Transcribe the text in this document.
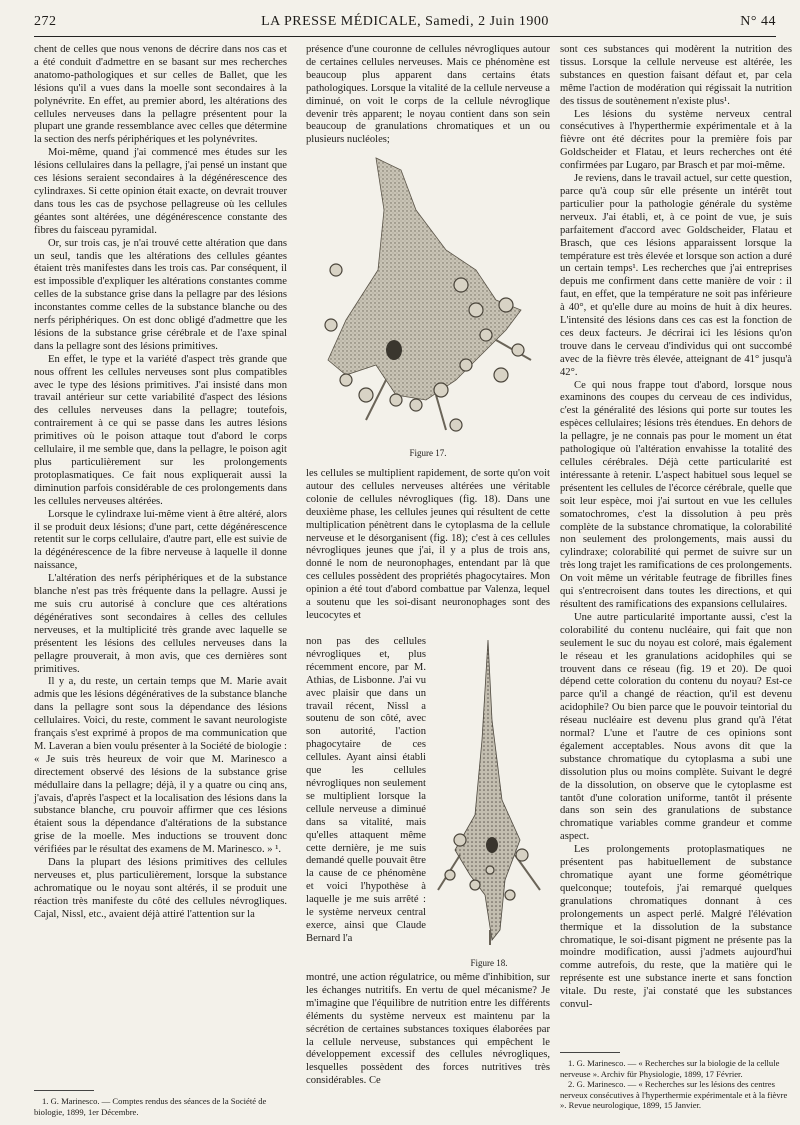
272	LA PRESSE MÉDICALE, Samedi, 2 Juin 1900	N° 44

chent de celles que nous venons de décrire dans nos cas et a été conduit d'admettre en se basant sur mes recherches anatomo-pathologiques et sur celles de Ballet, que les lésions qu'il a vues dans la moelle sont secondaires à la polynévrite. En effet, au premier abord, les altérations des cellules nerveuses dans la pellagre présentent pour la plupart une grande ressemblance avec celles que détermine la section des nerfs périphériques et les polynévrites.

Moi-même, quand j'ai commencé mes études sur les lésions cellulaires dans la pellagre, j'ai pensé un instant que ces lésions seraient secondaires à la dégénérescence des cylindraxes. Si cette opinion était exacte, on devrait trouver dans tous les cas de psychose pellagreuse où les cellules géantes sont altérées, une dégénérescence constante des fibres du faisceau pyramidal.

Or, sur trois cas, je n'ai trouvé cette altération que dans un seul, tandis que les altérations des cellules géantes étaient très manifestes dans les trois cas. Par conséquent, il est impossible d'expliquer les altérations constantes comme celles de la substance grise dans la pellagre par des lésions inconstantes comme celles de la substance blanche ou des nerfs périphériques. On est donc obligé d'admettre que les lésions de la substance grise cérébrale et de l'axe spinal dans la pellagre sont des lésions primitives.

En effet, le type et la variété d'aspect très grande que nous offrent les cellules nerveuses sont plus compatibles avec le type des lésions primitives. J'ai insisté dans mon travail antérieur sur cette variabilité d'aspect des lésions des cellules nerveuses dans la pellagre; toutefois, contrairement à ce qui se passe dans les autres lésions primitives où le poison attaque tout d'abord le corps cellulaire, il me semble que, dans la pellagre, le poison agit plus particulièrement sur les prolongements protoplasmatiques. Ce fait nous expliquerait aussi la diminution parfois considérable de ces prolongements dans les cellules nerveuses altérées.

Lorsque le cylindraxe lui-même vient à être altéré, alors il se produit deux lésions; d'une part, cette dégénérescence retentit sur le corps cellulaire, d'autre part, elle est suivie de la dégénérescence de la fibre nerveuse à laquelle il donne naissance,

L'altération des nerfs périphériques et de la substance blanche n'est pas très fréquente dans la pellagre. Aussi je me suis cru autorisé à conclure que ces altérations dégénératives sont secondaires à celles des cellules nerveuses, et la multiplicité très grande avec laquelle se présentent les lésions des cellules nerveuses dans la pellagre prouverait, à mon avis, que ces dernières sont primitives.

Il y a, du reste, un certain temps que M. Marie avait admis que les lésions dégénératives de la substance blanche dans la pellagre sont sous la dépendance des lésions cellulaires. Voici, du reste, comment le savant neurologiste français s'est exprimé à propos de ma communication que M. Laveran a bien voulu présenter à la Société de biologie : « Je suis très heureux de voir que M. Marinesco a directement observé des lésions de la substance grise médullaire dans la pellagre; déjà, il y a quatre ou cinq ans, j'avais, d'après l'aspect et la localisation des lésions dans la substance blanche, cru pouvoir affirmer que ces lésions étaient sous la dépendance d'altérations de la substance grise de la moelle. Mes inductions se trouvent donc vérifiées par le résultat des examens de M. Marinesco. » ¹.

Dans la plupart des lésions primitives des cellules nerveuses et, plus particulièrement, lorsque la substance achromatique ou le noyau sont altérés, il se produit une réaction très manifeste du côté des cellules névrogliques. Cajal, Nissl, etc., avaient déjà attiré l'attention sur la

1. G. Marinesco. — Comptes rendus des séances de la Société de biologie, 1899, 1er Décembre.

présence d'une couronne de cellules névrogliques autour de certaines cellules nerveuses. Mais ce phénomène est beaucoup plus apparent dans certains états pathologiques. Lorsque la vitalité de la cellule nerveuse a diminué, on voit le corps de la cellule névroglique devenir très apparent; le noyau contient dans son sein beaucoup de granulations chromatiques et un ou plusieurs nucléoles;

Figure 17.

les cellules se multiplient rapidement, de sorte qu'on voit autour des cellules nerveuses altérées une véritable colonie de cellules névrogliques (fig. 18). Dans une deuxième phase, les cellules jeunes qui résultent de cette multiplication pénètrent dans le cytoplasma de la cellule nerveuse et le désorganisent (fig. 18); c'est à ces cellules névrogliques jeunes que j'ai, il y a plus de trois ans, donné le nom de neuronophages, entendant par là que ces cellules possèdent des propriétés phagocytaires. Mon opinion a été tout d'abord combattue par Valenza, lequel a soutenu que les soi-disant neuronophages sont des leucocytes et

non pas des cellules névrogliques et, plus récemment encore, par M. Athias, de Lisbonne. J'ai vu avec plaisir que dans un travail récent, Nissl a soutenu de son côté, avec son autorité, l'action phagocytaire de ces cellules. Ayant ainsi établi que les cellules névrogliques non seulement se multiplient lorsque la cellule nerveuse a diminué dans sa vitalité, mais qu'elles attaquent même cette dernière, je me suis demandé quelle pouvait être la cause de ce phénomène et voici l'hypothèse à laquelle je me suis arrêté : le système nerveux central exerce, ainsi que Claude Bernard l'a

Figure 18.

montré, une action régulatrice, ou même d'inhibition, sur les échanges nutritifs. En vertu de quel mécanisme? Je m'imagine que l'équilibre de nutrition entre les différents éléments du système nerveux est maintenu par la sécrétion de certaines substances toxiques élaborées par la cellule nerveuse, substances qui empêchent le développement excessif des cellules névrogliques, lesquelles possèdent des forces nutritives très considérables. Ce

sont ces substances qui modèrent la nutrition des tissus. Lorsque la cellule nerveuse est altérée, les substances en question faisant défaut et, par cela même l'action de modération qui régissait la nutrition des tissus de soutènement n'existe plus¹.

Les lésions du système nerveux central consécutives à l'hyperthermie expérimentale et à la fièvre ont été décrites pour la première fois par Goldscheider et Flatau, et leurs recherches ont été confirmées par Lugaro, par Brasch et par moi-même.

Je reviens, dans le travail actuel, sur cette question, parce qu'à coup sûr elle présente un intérêt tout particulier pour la pathologie générale du système nerveux. J'ai établi, et, à ce point de vue, je suis parfaitement d'accord avec Goldscheider, Flatau et Brasch, que ces lésions apparaissent lorsque la température est très élevée et lorsque son action a duré un certain temps¹. Les recherches que j'ai entreprises depuis me confirment dans cette manière de voir : il faut, en effet, que la température ne soit pas inférieure à 40°, et qu'elle dure au moins de huit à dix heures. L'intensité des lésions dans ces cas est la fonction de ces deux facteurs. Je décrirai ici les lésions qu'on trouve dans le cerveau d'individus qui ont succombé avec de la fièvre très élevée, atteignant de 41° jusqu'à 42°.

Ce qui nous frappe tout d'abord, lorsque nous examinons des coupes du cerveau de ces individus, c'est la généralité des lésions qui porte sur toutes les espèces cellulaires; lésions très étendues. En dehors de la pellagre, je ne connais pas pour le moment un état pathologique où l'altération envahisse la totalité des cellules cérébrales. Déjà cette particularité est intéressante à retenir. L'aspect habituel sous lequel se présentent les cellules de l'écorce cérébrale, quelle que soit leur espèce, moi j'ai surtout en vue les cellules somatochromes, c'est la dissolution à peu près complète de la substance chromatique, la colorabilité non seulement des prolongements, mais aussi du cylindraxe; colorabilité qui permet de suivre sur un très long trajet les ramifications de ces prolongements. On voit même un véritable feutrage de fibrilles fines qui s'entrecroisent dans toutes les directions, et qui résultent des ramifications des expansions cellulaires.

Une autre particularité importante aussi, c'est la colorabilité du contenu nucléaire, qui fait que non seulement le suc du noyau est coloré, mais également le réseau et les granulations acidophiles qui se trouvent dans ce réseau (fig. 19 et 20). De quoi dépend cette coloration du contenu du noyau? Est-ce parce qu'il a changé de réaction, qu'il est devenu acidophile? Ou bien parce que le pouvoir teintorial du réseau nucléaire est devenu plus grand qu'à l'état normal? L'une et l'autre de ces opinions sont également acceptables. Nous avons dit que la substance chromatique du cytoplasma a subi une dissolution plus ou moins complète. Suivant le degré de la dissolution, on observe que le cytoplasme est tantôt d'une coloration uniforme, tantôt il présente dans son sein des granulations de substance chromatique variables comme grandeur et comme aspect.

Les prolongements protoplasmatiques ne présentent pas habituellement de substance chromatique ayant une forme géométrique quelconque; toutefois, j'ai remarqué quelques granulations chromatiques donnant à ces prolongements un aspect perlé. Malgré l'élévation thermique et la dissolution de la substance chromatique, le soi-disant pigment ne présente pas la moindre modification, aussi j'admets aujourd'hui comme autrefois, du reste, que la matière qui le représente est une substance inerte et sans fonction vitale. Du reste, j'ai constaté que les substances convul-

1. G. Marinesco. — « Recherches sur la biologie de la cellule nerveuse ». Archiv für Physiologie, 1899, 17 Février.

2. G. Marinesco. — « Recherches sur les lésions des centres nerveux consécutives à l'hyperthermie expérimentale et à la fièvre ». Revue neurologique, 1899, 15 Janvier.
